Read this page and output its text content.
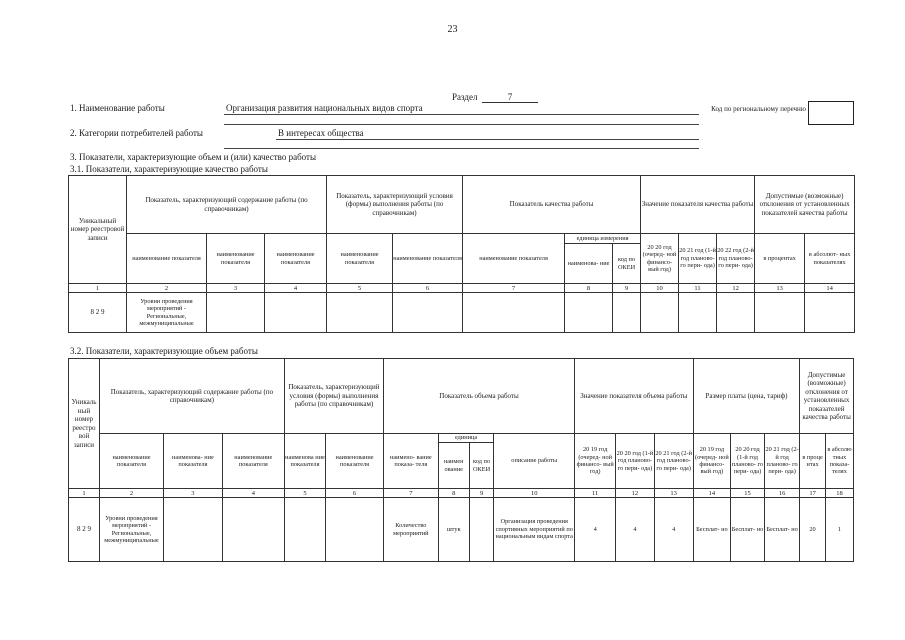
23
Раздел	7
1. Наименование работы	Организация развития национальных видов спорта	Код по региональному перечню
2. Категории потребителей работы	В интересах общества
3. Показатели, характеризующие объем и (или) качество работы
3.1. Показатели, характеризующие качество работы
Уникальный номер реестровой записи	Показатель, характеризующий содержание работы (по справочникам)			Показатель, характеризующий условия (формы) выполнения работы (по справочникам)		Показатель качества работы			Значение показателя качества работы			Допустимые (возможные) отклонения от установленных показателей качества работы	
	наименование показателя	наименование показателя	наименование показателя	наименование показателя	наименование показателя	наименование показателя	единица измерения		20 20 год (очеред- ной финансо- вый год)	20 21 год (1-й год планово- го пери- ода)	20 22 год (2-й год планово- го пери- ода)	в процентах	в абсолют- ных показателях
							наименова- ние	код по ОКЕИ					
1	2	3	4	5	6	7	8	9	10	11	12	13	14
8 2 9	Уровни проведения мероприятий - Региональные, межмуниципальные												
3.2. Показатели, характеризующие объем работы
Уникаль ный номер реестро вой записи	Показатель, характеризующий содержание работы (по справочникам)			Показатель, характеризующий условия (формы) выполнения работы (по справочникам)		Показатель объема работы				Значение показателя объема работы			Размер платы (цена, тариф)			Допустимые (возможные) отклонения от установленных показателей качества работы	
	наименование показателя	наименова- ние показателя	наименование показателя	наименова ние показателя	наименование показателя	наимено- вание показа- теля	единица		описание работы	20 19 год (очеред- ной финансо- вый год)	20 20 год (1-й год планово- го пери- ода)	20 21 год (2-й год планово- го пери- ода)	20 19 год (очеред- ной финансо- вый год)	20 20 год (1-й год планово- го пери- ода)	20 21 год (2-й год планово- го пери- ода)	в проце нтах	в абсолю тных показа- телях
							наимен ование	код по ОКЕИ									
1	2	3	4	5	6	7	8	9	10	11	12	13	14	15	16	17	18
8 2 9	Уровни проведения мероприятий - Региональные, межмуниципальные					Количество мероприятий	штук		Организация проведения спортивных мероприятий по национальным видам спорта	4	4	4	Бесплат- но	Бесплат- но	Бесплат- но	20	1
